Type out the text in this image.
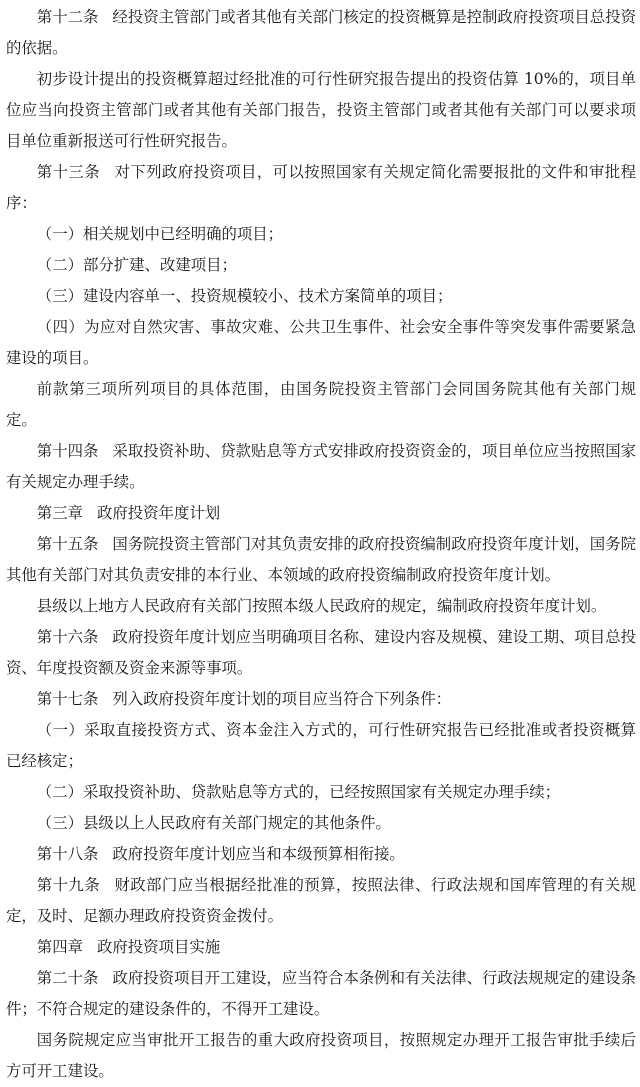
第十二条 经投资主管部门或者其他有关部门核定的投资概算是控制政府投资项目总投资的依据。

初步设计提出的投资概算超过经批准的可行性研究报告提出的投资估算 10%的，项目单位应当向投资主管部门或者其他有关部门报告，投资主管部门或者其他有关部门可以要求项目单位重新报送可行性研究报告。

第十三条 对下列政府投资项目，可以按照国家有关规定简化需要报批的文件和审批程序：

（一）相关规划中已经明确的项目；

（二）部分扩建、改建项目；

（三）建设内容单一、投资规模较小、技术方案简单的项目；

（四）为应对自然灾害、事故灾难、公共卫生事件、社会安全事件等突发事件需要紧急建设的项目。

前款第三项所列项目的具体范围，由国务院投资主管部门会同国务院其他有关部门规定。

第十四条 采取投资补助、贷款贴息等方式安排政府投资资金的，项目单位应当按照国家有关规定办理手续。

第三章 政府投资年度计划

第十五条 国务院投资主管部门对其负责安排的政府投资编制政府投资年度计划，国务院其他有关部门对其负责安排的本行业、本领域的政府投资编制政府投资年度计划。

县级以上地方人民政府有关部门按照本级人民政府的规定，编制政府投资年度计划。

第十六条 政府投资年度计划应当明确项目名称、建设内容及规模、建设工期、项目总投资、年度投资额及资金来源等事项。

第十七条 列入政府投资年度计划的项目应当符合下列条件：

（一）采取直接投资方式、资本金注入方式的，可行性研究报告已经批准或者投资概算已经核定；

（二）采取投资补助、贷款贴息等方式的，已经按照国家有关规定办理手续；

（三）县级以上人民政府有关部门规定的其他条件。

第十八条 政府投资年度计划应当和本级预算相衔接。

第十九条 财政部门应当根据经批准的预算，按照法律、行政法规和国库管理的有关规定，及时、足额办理政府投资资金拨付。

第四章 政府投资项目实施

第二十条 政府投资项目开工建设，应当符合本条例和有关法律、行政法规规定的建设条件；不符合规定的建设条件的，不得开工建设。

国务院规定应当审批开工报告的重大政府投资项目，按照规定办理开工报告审批手续后方可开工建设。
